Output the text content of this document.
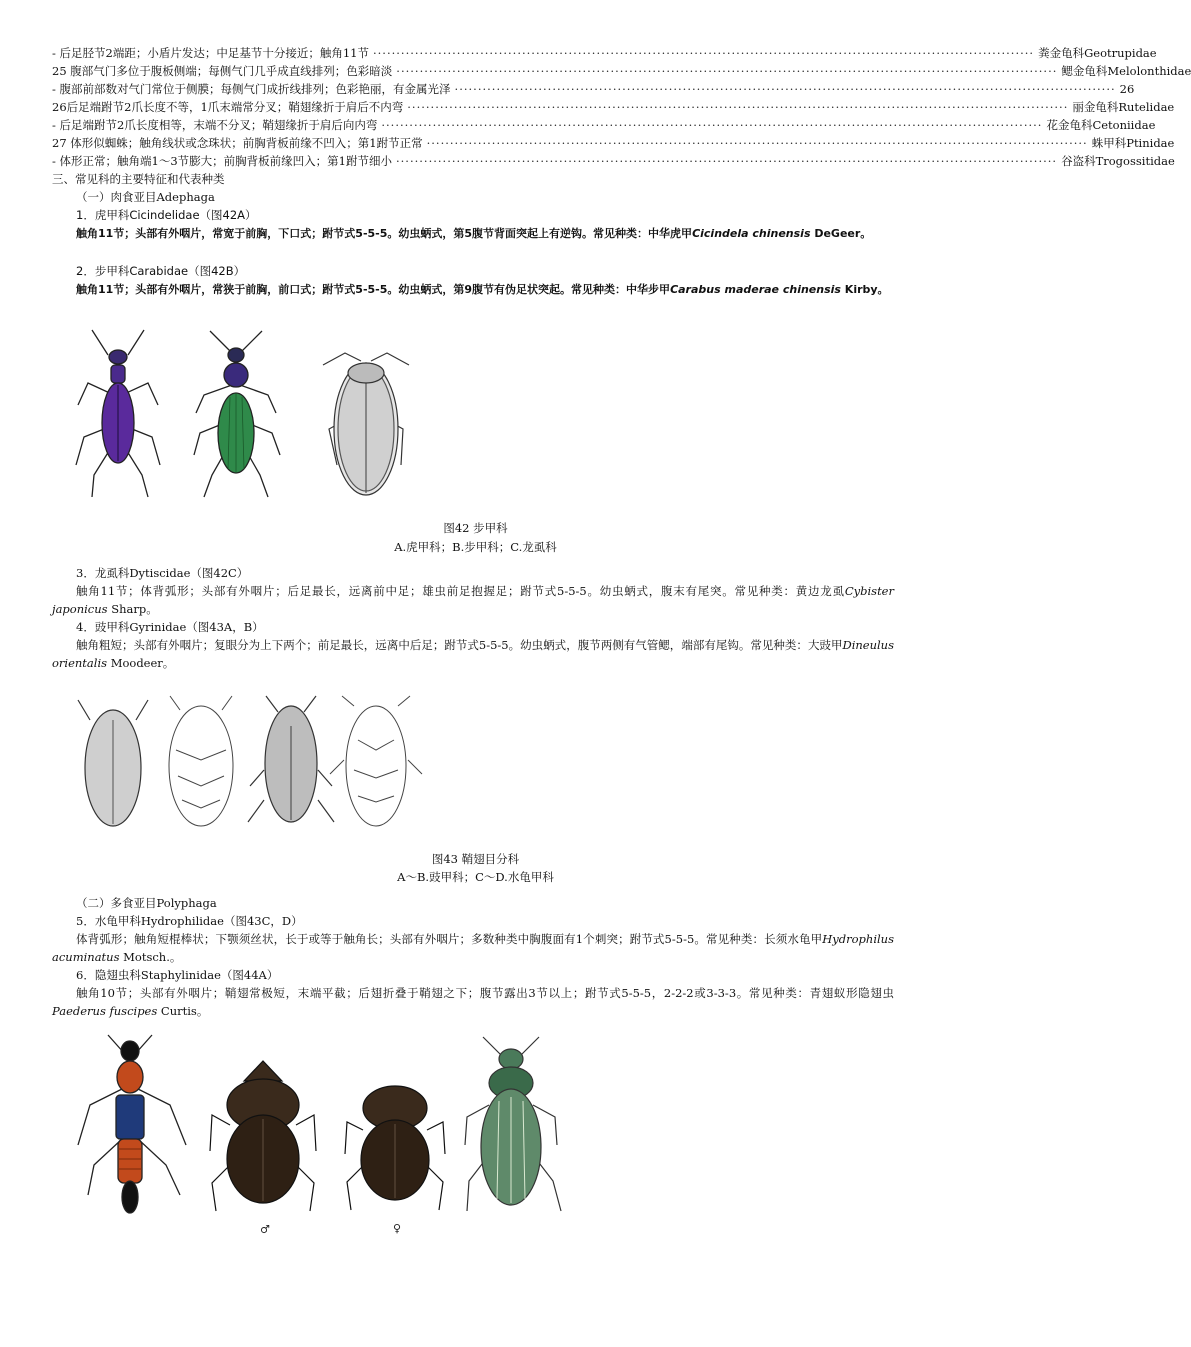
- 后足胫节2端距；小盾片发达；中足基节十分接近；触角11节 ·····	粪金龟科Geotrupidae
25 腹部气门多位于腹板侧端；每侧气门几乎成直线排列；色彩暗淡 ·····	鳃金龟科Melolonthidae
- 腹部前部数对气门常位于侧膜；每侧气门成折线排列；色彩艳丽，有金属光泽 ·····	26
26后足端跗节2爪长度不等，1爪末端常分叉；鞘翅缘折于肩后不内弯 ·····	丽金龟科Rutelidae
- 后足端跗节2爪长度相等，末端不分叉；鞘翅缘折于肩后向内弯 ·····	花金龟科Cetoniidae
27 体形似蜘蛛；触角线状或念珠状；前胸背板前缘不凹入；第1跗节正常 ·····	蛛甲科Ptinidae
- 体形正常；触角端1～3节膨大；前胸背板前缘凹入；第1跗节细小 ·····	谷盗科Trogossitidae
三、常见科的主要特征和代表种类
（一）肉食亚目Adephaga
1．虎甲科Cicindelidae（图42A）
触角11节；头部有外咽片，常宽于前胸，下口式；跗节式5-5-5。幼虫蛃式，第5腹节背面突起上有逆钩。常见种类：中华虎甲Cicindela chinensis DeGeer。
2．步甲科Carabidae（图42B）
触角11节；头部有外咽片，常狭于前胸，前口式；跗节式5-5-5。幼虫蛃式，第9腹节有伪足状突起。常见种类：中华步甲Carabus maderae chinensis Kirby。
图42 步甲科
A.虎甲科；B.步甲科；C.龙虱科
3．龙虱科Dytiscidae（图42C）
触角11节；体背弧形；头部有外咽片；后足最长，远离前中足；雄虫前足抱握足；跗节式5-5-5。幼虫蛃式，腹末有尾突。常见种类：黄边龙虱Cybister japonicus Sharp。
4．豉甲科Gyrinidae（图43A，B）
触角粗短；头部有外咽片；复眼分为上下两个；前足最长，远离中后足；跗节式5-5-5。幼虫蛃式，腹节两侧有气管鳃，端部有尾钩。常见种类：大豉甲Dineulus orientalis Moodeer。
图43 鞘翅目分科
A～B.豉甲科；C～D.水龟甲科
（二）多食亚目Polyphaga
5．水龟甲科Hydrophilidae（图43C，D）
体背弧形；触角短棍棒状；下颚须丝状，长于或等于触角长；头部有外咽片；多数种类中胸腹面有1个刺突；跗节式5-5-5。常见种类：长须水龟甲Hydrophilus acuminatus Motsch.。
6．隐翅虫科Staphylinidae（图44A）
触角10节；头部有外咽片；鞘翅常极短，末端平截；后翅折叠于鞘翅之下；腹节露出3节以上；跗节式5-5-5，2-2-2或3-3-3。常见种类：青翅蚁形隐翅虫Paederus fuscipes Curtis。
♂	♀
